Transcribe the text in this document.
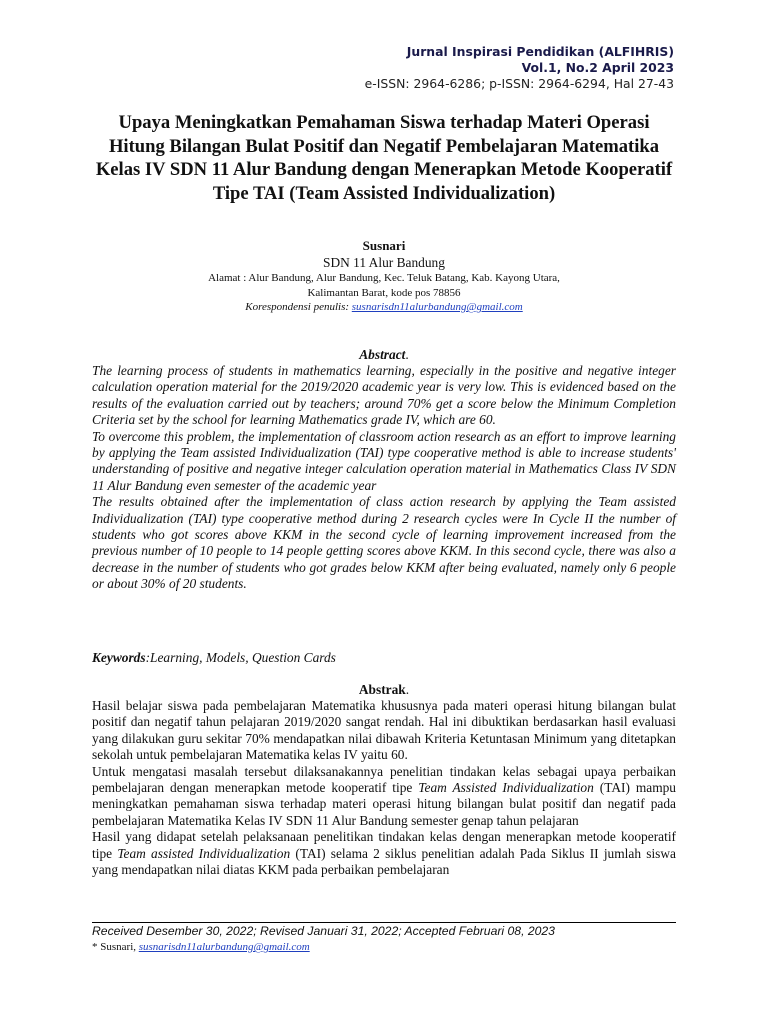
Jurnal Inspirasi Pendidikan (ALFIHRIS)
Vol.1, No.2 April 2023
e-ISSN: 2964-6286; p-ISSN: 2964-6294, Hal 27-43
Upaya Meningkatkan Pemahaman Siswa terhadap Materi Operasi Hitung Bilangan Bulat Positif dan Negatif Pembelajaran Matematika Kelas IV SDN 11 Alur Bandung dengan Menerapkan Metode Kooperatif Tipe TAI (Team Assisted Individualization)
Susnari
SDN 11 Alur Bandung
Alamat : Alur Bandung, Alur Bandung, Kec. Teluk Batang, Kab. Kayong Utara,
Kalimantan Barat, kode pos 78856
Korespondensi penulis: susnarisdn11alurbandung@gmail.com
Abstract.

The learning process of students in mathematics learning, especially in the positive and negative integer calculation operation material for the 2019/2020 academic year is very low. This is evidenced based on the results of the evaluation carried out by teachers; around 70% get a score below the Minimum Completion Criteria set by the school for learning Mathematics grade IV, which are 60.

To overcome this problem, the implementation of classroom action research as an effort to improve learning by applying the Team assisted Individualization (TAI) type cooperative method is able to increase students' understanding of positive and negative integer calculation operation material in Mathematics Class IV SDN 11 Alur Bandung even semester of the academic year

The results obtained after the implementation of class action research by applying the Team assisted Individualization (TAI) type cooperative method during 2 research cycles were In Cycle II the number of students who got scores above KKM in the second cycle of learning improvement increased from the previous number of 10 people to 14 people getting scores above KKM. In this second cycle, there was also a decrease in the number of students who got grades below KKM after being evaluated, namely only 6 people or about 30% of 20 students.

Keywords:Learning, Models, Question Cards
Abstrak.

Hasil belajar siswa pada pembelajaran Matematika khususnya pada materi operasi hitung bilangan bulat positif dan negatif tahun pelajaran 2019/2020 sangat rendah. Hal ini dibuktikan berdasarkan hasil evaluasi yang dilakukan guru sekitar 70% mendapatkan nilai dibawah Kriteria Ketuntasan Minimum yang ditetapkan sekolah untuk pembelajaran Matematika kelas IV yaitu 60.

Untuk mengatasi masalah tersebut dilaksanakannya penelitian tindakan kelas sebagai upaya perbaikan pembelajaran dengan menerapkan metode kooperatif tipe Team Assisted Individualization (TAI) mampu meningkatkan pemahaman siswa terhadap materi operasi hitung bilangan bulat positif dan negatif pada pembelajaran Matematika Kelas IV SDN 11 Alur Bandung semester genap tahun pelajaran

Hasil yang didapat setelah pelaksanaan penelitikan tindakan kelas dengan menerapkan metode kooperatif tipe Team assisted Individualization (TAI) selama 2 siklus penelitian adalah Pada Siklus II jumlah siswa yang mendapatkan nilai diatas KKM pada perbaikan pembelajaran

Received Desember 30, 2022; Revised Januari 31, 2022; Accepted Februari 08, 2023
* Susnari, susnarisdn11alurbandung@gmail.com
